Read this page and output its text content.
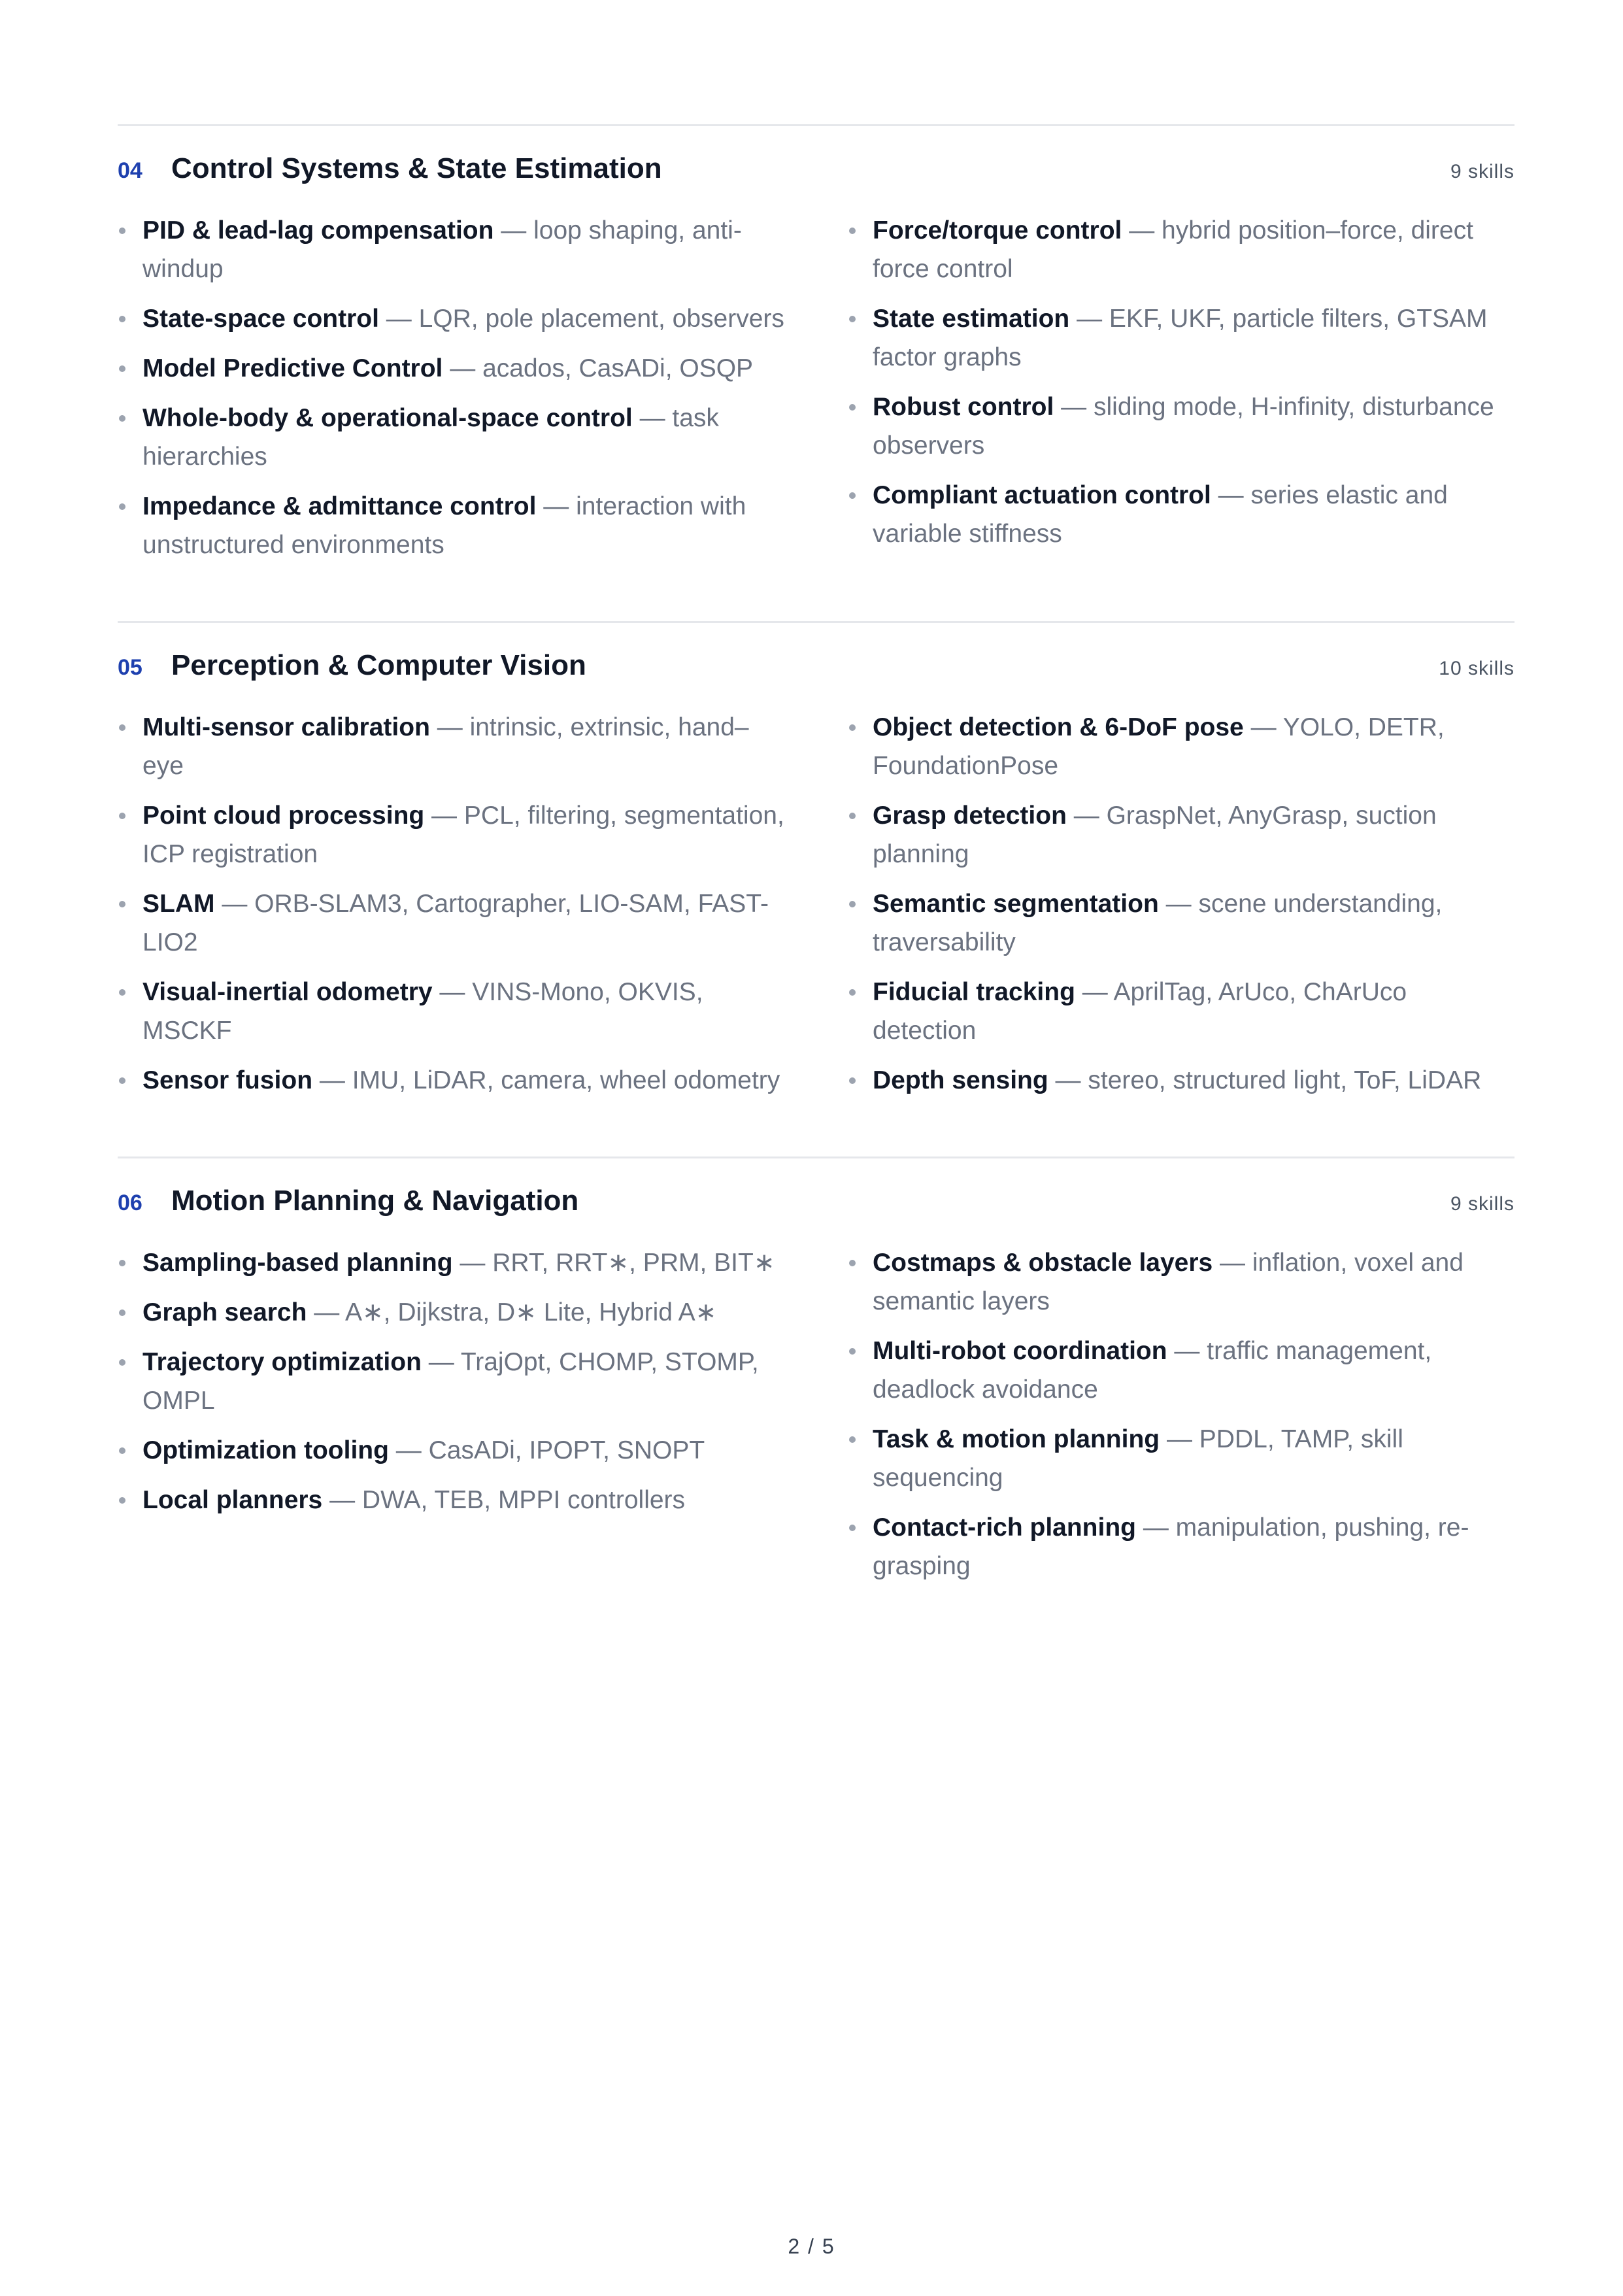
04	Control Systems & State Estimation	9 skills
PID & lead-lag compensation — loop shaping, anti-windup
State-space control — LQR, pole placement, observers
Model Predictive Control — acados, CasADi, OSQP
Whole-body & operational-space control — task hierarchies
Impedance & admittance control — interaction with unstructured environments
Force/torque control — hybrid position–force, direct force control
State estimation — EKF, UKF, particle filters, GTSAM factor graphs
Robust control — sliding mode, H-infinity, disturbance observers
Compliant actuation control — series elastic and variable stiffness
05	Perception & Computer Vision	10 skills
Multi-sensor calibration — intrinsic, extrinsic, hand–eye
Point cloud processing — PCL, filtering, segmentation, ICP registration
SLAM — ORB-SLAM3, Cartographer, LIO-SAM, FAST-LIO2
Visual-inertial odometry — VINS-Mono, OKVIS, MSCKF
Sensor fusion — IMU, LiDAR, camera, wheel odometry
Object detection & 6-DoF pose — YOLO, DETR, FoundationPose
Grasp detection — GraspNet, AnyGrasp, suction planning
Semantic segmentation — scene understanding, traversability
Fiducial tracking — AprilTag, ArUco, ChArUco detection
Depth sensing — stereo, structured light, ToF, LiDAR
06	Motion Planning & Navigation	9 skills
Sampling-based planning — RRT, RRT∗, PRM, BIT∗
Graph search — A∗, Dijkstra, D∗ Lite, Hybrid A∗
Trajectory optimization — TrajOpt, CHOMP, STOMP, OMPL
Optimization tooling — CasADi, IPOPT, SNOPT
Local planners — DWA, TEB, MPPI controllers
Costmaps & obstacle layers — inflation, voxel and semantic layers
Multi-robot coordination — traffic management, deadlock avoidance
Task & motion planning — PDDL, TAMP, skill sequencing
Contact-rich planning — manipulation, pushing, re-grasping
2 / 5
